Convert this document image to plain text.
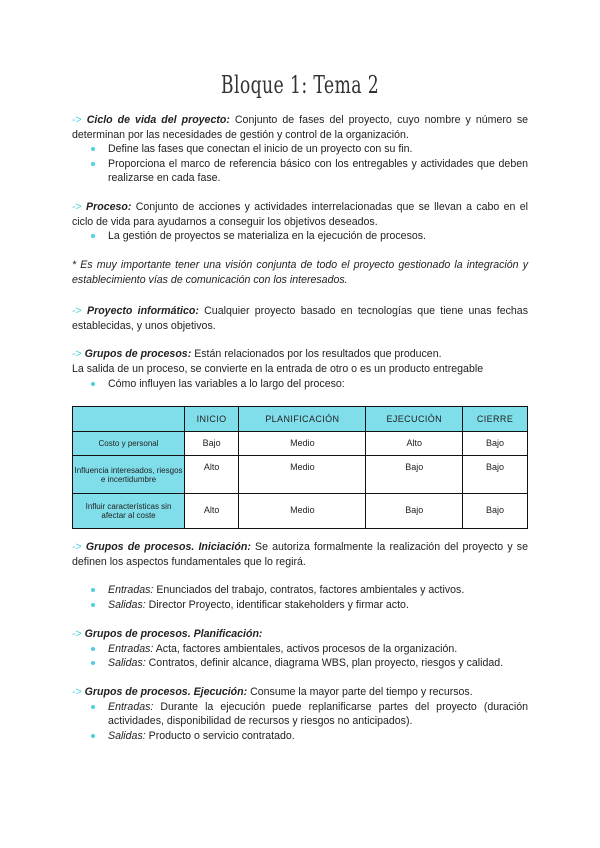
Bloque 1: Tema 2

-> Ciclo de vida del proyecto: Conjunto de fases del proyecto, cuyo nombre y número se determinan por las necesidades de gestión y control de la organización.

Define las fases que conectan el inicio de un proyecto con su fin.
Proporciona el marco de referencia básico con los entregables y actividades que deben realizarse en cada fase.

-> Proceso: Conjunto de acciones y actividades interrelacionadas que se llevan a cabo en el ciclo de vida para ayudarnos a conseguir los objetivos deseados.

La gestión de proyectos se materializa en la ejecución de procesos.

* Es muy importante tener una visión conjunta de todo el proyecto gestionado la integración y establecimiento vías de comunicación con los interesados.

-> Proyecto informático: Cualquier proyecto basado en tecnologías que tiene unas fechas establecidas, y unos objetivos.

-> Grupos de procesos: Están relacionados por los resultados que producen.

La salida de un proceso, se convierte en la entrada de otro o es un producto entregable

Cómo influyen las variables a lo largo del proceso:
	INICIO	PLANIFICACIÓN	EJECUCIÓN	CIERRE
Costo y personal	Bajo	Medio	Alto	Bajo
Influencia interesados, riesgos e incertidumbre	Alto	Medio	Bajo	Bajo
Influir características sin afectar al coste	Alto	Medio	Bajo	Bajo

-> Grupos de procesos. Iniciación: Se autoriza formalmente la realización del proyecto y se definen los aspectos fundamentales que lo regirá.

Entradas: Enunciados del trabajo, contratos, factores ambientales y activos.
Salidas: Director Proyecto, identificar stakeholders y firmar acto.

-> Grupos de procesos. Planificación:

Entradas: Acta, factores ambientales, activos procesos de la organización.
Salidas: Contratos, definir alcance, diagrama WBS, plan proyecto, riesgos y calidad.

-> Grupos de procesos. Ejecución: Consume la mayor parte del tiempo y recursos.

Entradas: Durante la ejecución puede replanificarse partes del proyecto (duración actividades, disponibilidad de recursos y riesgos no anticipados).
Salidas: Producto o servicio contratado.
